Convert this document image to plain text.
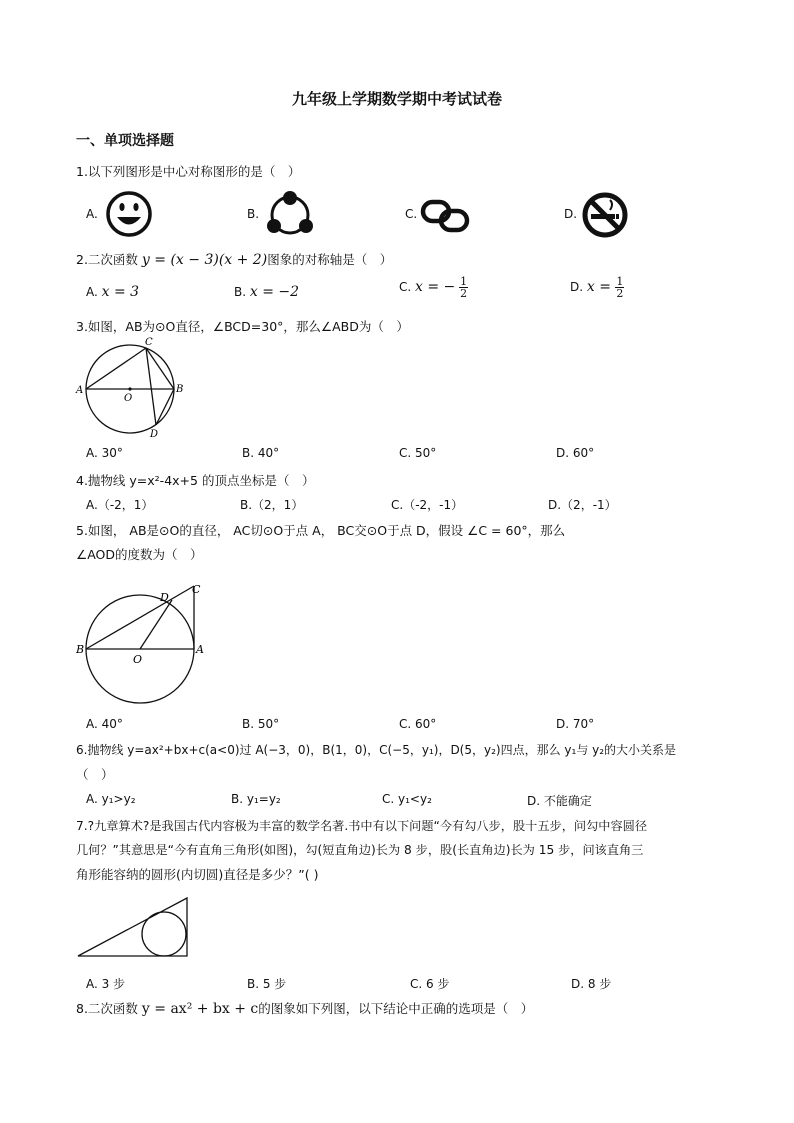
九年级上学期数学期中考试试卷
一、单项选择题
1.以下列图形是中心对称图形的是（　）
A.	B.	C.	D.
2.二次函数 y = (x − 3)(x + 2)图象的对称轴是（　）
A. x = 3	B. x = −2	C. x = − $\frac{1}{2}$	D. $x = \frac{1}{2}$
3.如图，AB为⊙O直径，∠BCD=30°，那么∠ABD为（　）
A	B
C
D
O
A. 30°	B. 40°	C. 50°	D. 60°
4.抛物线 y=x²-4x+5 的顶点坐标是（　）
A.（-2，1）	B.（2，1）	C.（-2，-1）	D.（2，-1）
5.如图， AB是⊙O的直径， AC切⊙O于点 A， BC交⊙O于点 D，假设 ∠C = 60°，那么
∠AOD的度数为（　）
B	A
C
D
O
A. 40°	B. 50°	C. 60°	D. 70°
6.抛物线 y=ax²+bx+c(a<0)过 A(−3，0)，B(1，0)，C(−5，y₁)，D(5，y₂)四点，那么 y₁与 y₂的大小关系是
（　）
A. y₁>y₂	B. y₁=y₂	C. y₁<y₂	D. 不能确定
7.?九章算术?是我国古代内容极为丰富的数学名著.书中有以下问题“今有勾八步，股十五步，问勾中容圆径
几何？”其意思是“今有直角三角形(如图)，勾(短直角边)长为 8 步，股(长直角边)长为 15 步，问该直角三
角形能容纳的圆形(内切圆)直径是多少？”( )
A. 3 步	B. 5 步	C. 6 步	D. 8 步
8.二次函数 y = ax² + bx + c的图象如下列图，以下结论中正确的选项是（　）
